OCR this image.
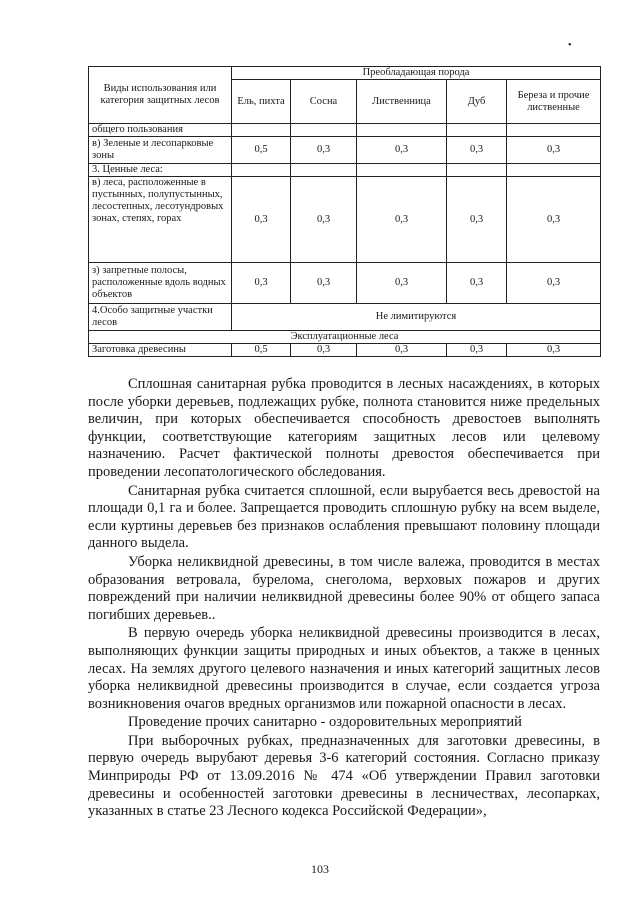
•
Виды использования или категория защитных лесов	Преобладающая порода				
	Ель, пихта	Сосна	Лиственница	Дуб	Береза и прочие лиственные
общего пользования					
в) Зеленые и лесопарковые зоны	0,5	0,3	0,3	0,3	0,3
3. Ценные леса:					
в) леса, расположенные в пустынных, полупустынных, лесостепных, лесотундровых зонах, степях, горах	0,3	0,3	0,3	0,3	0,3
з) запретные полосы, расположенные вдоль водных объектов	0,3	0,3	0,3	0,3	0,3
4.Особо защитные участки лесов	Не лимитируются				
Эксплуатационные леса					
Заготовка древесины	0,5	0,3	0,3	0,3	0,3

Сплошная санитарная рубка проводится в лесных насаждениях, в которых после уборки деревьев, подлежащих рубке, полнота становится ниже предельных величин, при которых обеспечивается способность древостоев выполнять функции, соответствующие категориям защитных лесов или целевому назначению. Расчет фактической полноты древостоя обеспечивается при проведении лесопатологического обследования.

Санитарная рубка считается сплошной, если вырубается весь древостой на площади 0,1 га и более. Запрещается проводить сплошную рубку на всем выделе, если куртины деревьев без признаков ослабления превышают половину площади данного выдела.

Уборка неликвидной древесины, в том числе валежа, проводится в местах образования ветровала, бурелома, снеголома, верховых пожаров и других повреждений при наличии неликвидной древесины более 90% от общего запаса погибших деревьев..

В первую очередь уборка неликвидной древесины производится в лесах, выполняющих функции защиты природных и иных объектов, а также в ценных лесах. На землях другого целевого назначения и иных категорий защитных лесов уборка неликвидной древесины производится в случае, если создается угроза возникновения очагов вредных организмов или пожарной опасности в лесах.

Проведение прочих санитарно - оздоровительных мероприятий

При выборочных рубках, предназначенных для заготовки древесины, в первую очередь вырубают деревья 3-6 категорий состояния. Согласно приказу Минприроды РФ от 13.09.2016 № 474 «Об утверждении Правил заготовки древесины и особенностей заготовки древесины в лесничествах, лесопарках, указанных в статье 23 Лесного кодекса Российской Федерации»,

103
